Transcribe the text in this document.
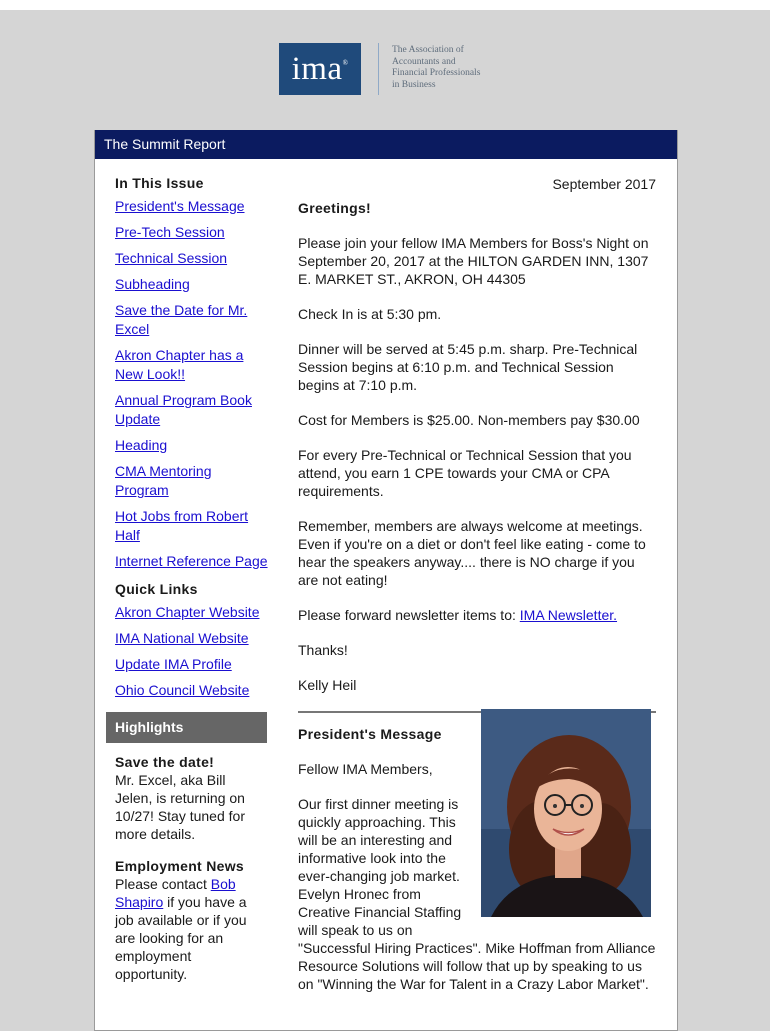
ima®
The Association of
Accountants and
Financial Professionals
in Business
The Summit Report
In This Issue
President's Message
Pre-Tech Session
Technical Session
Subheading
Save the Date for Mr. Excel
Akron Chapter has a New Look!!
Annual Program Book Update
Heading
CMA Mentoring Program
Hot Jobs from Robert Half
Internet Reference Page
Quick Links
Akron Chapter Website
IMA National Website
Update IMA Profile
Ohio Council Website
Highlights
Save the date!
Mr. Excel, aka Bill Jelen, is returning on 10/27! Stay tuned for more details.
Employment News
Please contact Bob Shapiro if you have a job available or if you are looking for an employment opportunity.
September 2017
Greetings!

Please join your fellow IMA Members for Boss's Night on September 20, 2017 at the HILTON GARDEN INN, 1307 E. MARKET ST., AKRON, OH 44305

Check In is at 5:30 pm.

Dinner will be served at 5:45 p.m. sharp. Pre-Technical Session begins at 6:10 p.m. and Technical Session begins at 7:10 p.m.

Cost for Members is $25.00. Non-members pay $30.00

For every Pre-Technical or Technical Session that you attend, you earn 1 CPE towards your CMA or CPA requirements.

Remember, members are always welcome at meetings. Even if you're on a diet or don't feel like eating - come to hear the speakers anyway.... there is NO charge if you are not eating!

Please forward newsletter items to: IMA Newsletter.

Thanks!

Kelly Heil

President's Message

Fellow IMA Members,

Our first dinner meeting is quickly approaching. This will be an interesting and informative look into the ever-changing job market. Evelyn Hronec from Creative Financial Staffing will speak to us on "Successful Hiring Practices". Mike Hoffman from Alliance Resource Solutions will follow that up by speaking to us on "Winning the War for Talent in a Crazy Labor Market".
